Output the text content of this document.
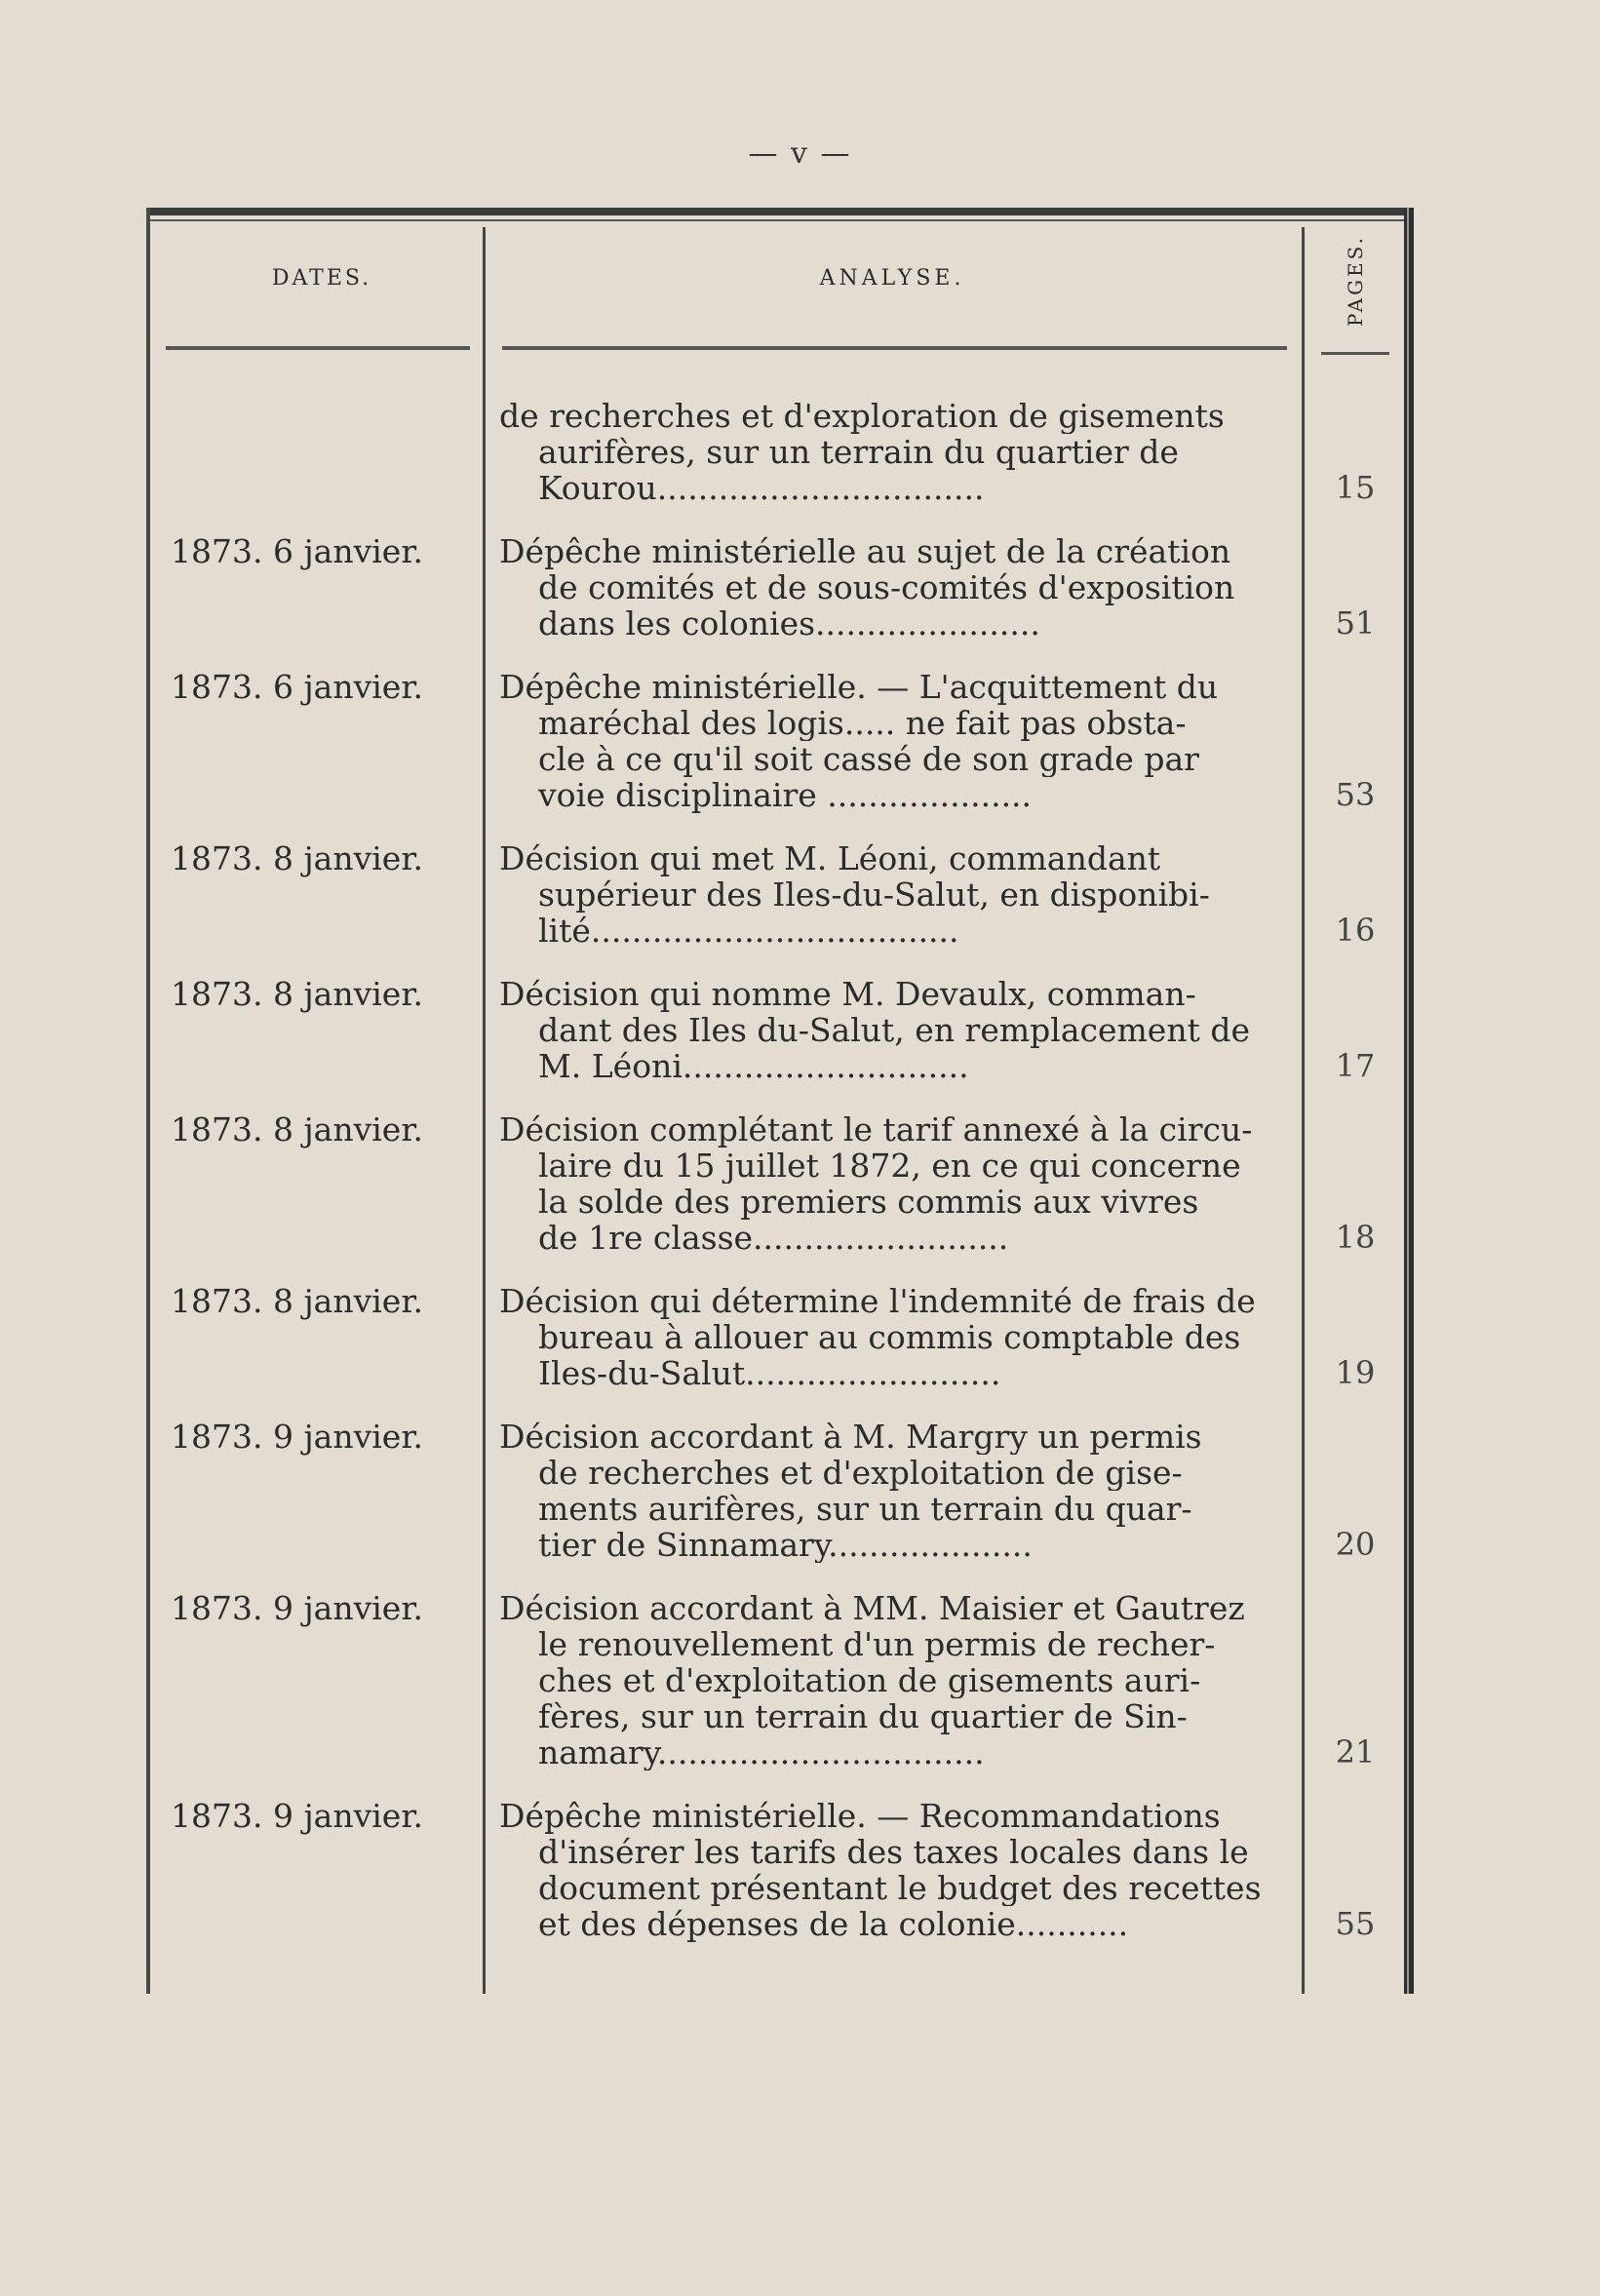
— v —
DATES.	ANALYSE.	PAGES.
de recherches et d'exploration de gisements
aurifères, sur un terrain du quartier de
Kourou................................	15
1873. 6 janvier.	Dépêche ministérielle au sujet de la création
de comités et de sous-comités d'exposition
dans les colonies......................	51
1873. 6 janvier.	Dépêche ministérielle. — L'acquittement du
maréchal des logis..... ne fait pas obsta-
cle à ce qu'il soit cassé de son grade par
voie disciplinaire ....................	53
1873. 8 janvier.	Décision qui met M. Léoni, commandant
supérieur des Iles-du-Salut, en disponibi-
lité....................................	16
1873. 8 janvier.	Décision qui nomme M. Devaulx, comman-
dant des Iles du-Salut, en remplacement de
M. Léoni............................	17
1873. 8 janvier.	Décision complétant le tarif annexé à la circu-
laire du 15 juillet 1872, en ce qui concerne
la solde des premiers commis aux vivres
de 1re classe.........................	18
1873. 8 janvier.	Décision qui détermine l'indemnité de frais de
bureau à allouer au commis comptable des
Iles-du-Salut.........................	19
1873. 9 janvier.	Décision accordant à M. Margry un permis
de recherches et d'exploitation de gise-
ments aurifères, sur un terrain du quar-
tier de Sinnamary....................	20
1873. 9 janvier.	Décision accordant à MM. Maisier et Gautrez
le renouvellement d'un permis de recher-
ches et d'exploitation de gisements auri-
fères, sur un terrain du quartier de Sin-
namary................................	21
1873. 9 janvier.	Dépêche ministérielle. — Recommandations
d'insérer les tarifs des taxes locales dans le
document présentant le budget des recettes
et des dépenses de la colonie...........	55
